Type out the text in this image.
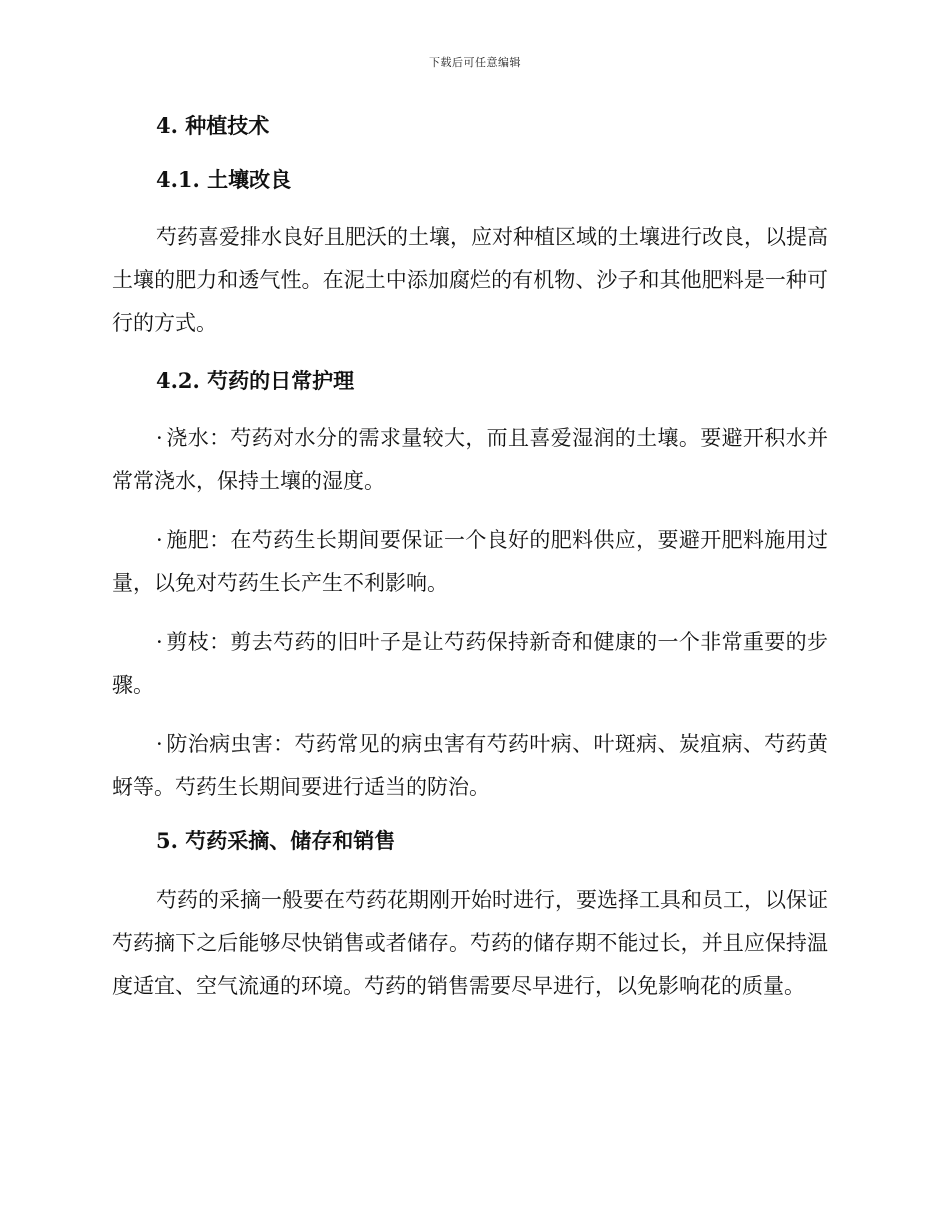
下载后可任意编辑
4. 种植技术
4.1. 土壤改良

芍药喜爱排水良好且肥沃的土壤，应对种植区域的土壤进行改良，以提高土壤的肥力和透气性。在泥土中添加腐烂的有机物、沙子和其他肥料是一种可行的方式。

4.2. 芍药的日常护理

· 浇水：芍药对水分的需求量较大，而且喜爱湿润的土壤。要避开积水并常常浇水，保持土壤的湿度。

· 施肥：在芍药生长期间要保证一个良好的肥料供应，要避开肥料施用过量，以免对芍药生长产生不利影响。

· 剪枝：剪去芍药的旧叶子是让芍药保持新奇和健康的一个非常重要的步骤。

· 防治病虫害：芍药常见的病虫害有芍药叶病、叶斑病、炭疽病、芍药黄蚜等。芍药生长期间要进行适当的防治。

5. 芍药采摘、储存和销售

芍药的采摘一般要在芍药花期刚开始时进行，要选择工具和员工，以保证芍药摘下之后能够尽快销售或者储存。芍药的储存期不能过长，并且应保持温度适宜、空气流通的环境。芍药的销售需要尽早进行，以免影响花的质量。
